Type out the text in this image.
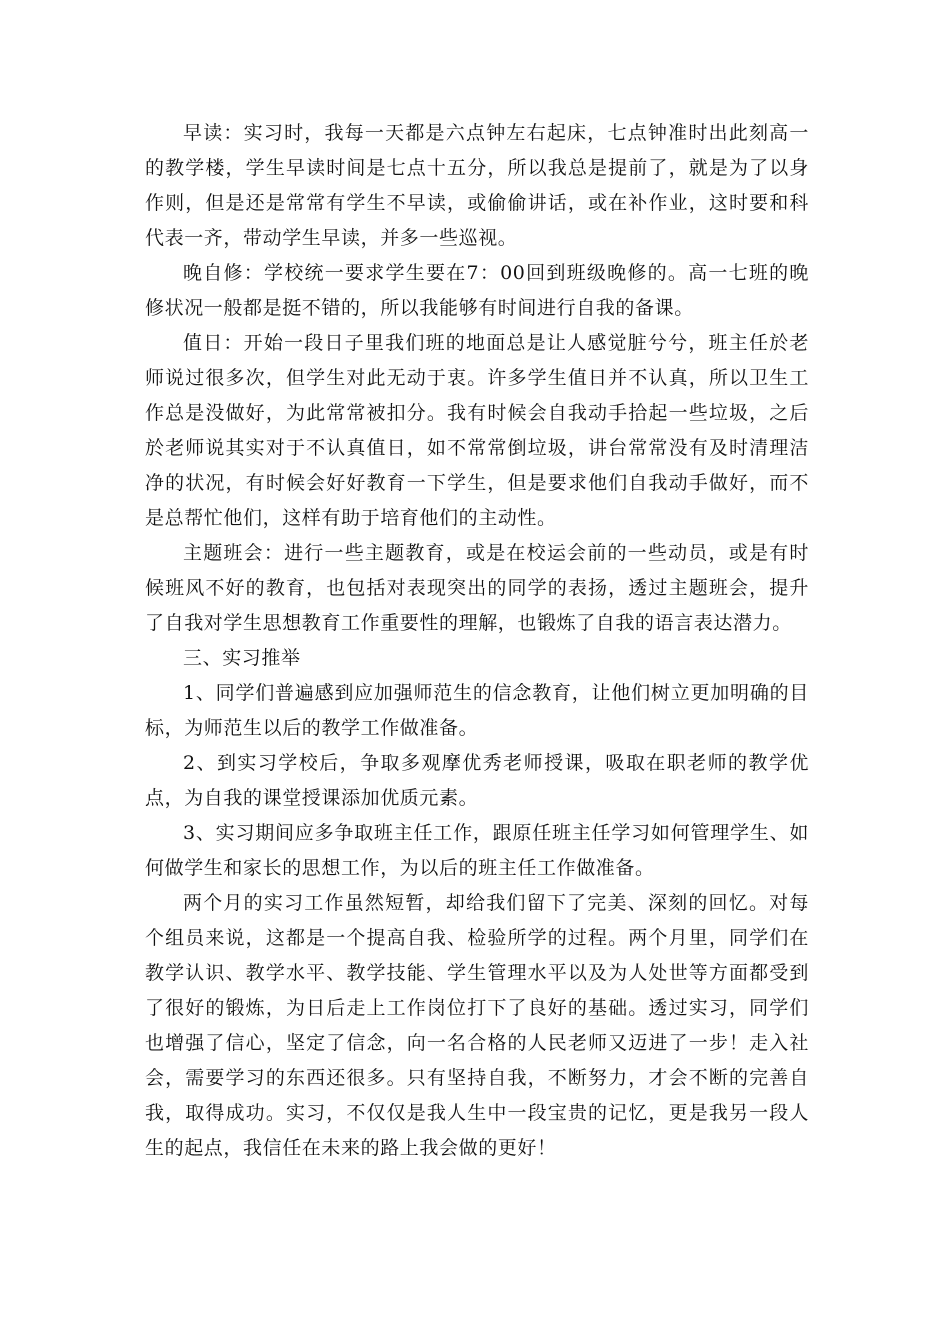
早读：实习时，我每一天都是六点钟左右起床，七点钟准时出此刻高一的教学楼，学生早读时间是七点十五分，所以我总是提前了，就是为了以身作则，但是还是常常有学生不早读，或偷偷讲话，或在补作业，这时要和科代表一齐，带动学生早读，并多一些巡视。

晚自修：学校统一要求学生要在7：00回到班级晚修的。高一七班的晚修状况一般都是挺不错的，所以我能够有时间进行自我的备课。

值日：开始一段日子里我们班的地面总是让人感觉脏兮兮，班主任於老师说过很多次，但学生对此无动于衷。许多学生值日并不认真，所以卫生工作总是没做好，为此常常被扣分。我有时候会自我动手拾起一些垃圾，之后於老师说其实对于不认真值日，如不常常倒垃圾，讲台常常没有及时清理洁净的状况，有时候会好好教育一下学生，但是要求他们自我动手做好，而不是总帮忙他们，这样有助于培育他们的主动性。

主题班会：进行一些主题教育，或是在校运会前的一些动员，或是有时候班风不好的教育，也包括对表现突出的同学的表扬，透过主题班会，提升了自我对学生思想教育工作重要性的理解，也锻炼了自我的语言表达潜力。

三、实习推举

1、同学们普遍感到应加强师范生的信念教育，让他们树立更加明确的目标，为师范生以后的教学工作做准备。

2、到实习学校后，争取多观摩优秀老师授课，吸取在职老师的教学优点，为自我的课堂授课添加优质元素。

3、实习期间应多争取班主任工作，跟原任班主任学习如何管理学生、如何做学生和家长的思想工作，为以后的班主任工作做准备。

两个月的实习工作虽然短暂，却给我们留下了完美、深刻的回忆。对每个组员来说，这都是一个提高自我、检验所学的过程。两个月里，同学们在教学认识、教学水平、教学技能、学生管理水平以及为人处世等方面都受到了很好的锻炼，为日后走上工作岗位打下了良好的基础。透过实习，同学们也增强了信心，坚定了信念，向一名合格的人民老师又迈进了一步！走入社会，需要学习的东西还很多。只有坚持自我，不断努力，才会不断的完善自我，取得成功。实习，不仅仅是我人生中一段宝贵的记忆，更是我另一段人生的起点，我信任在未来的路上我会做的更好！
